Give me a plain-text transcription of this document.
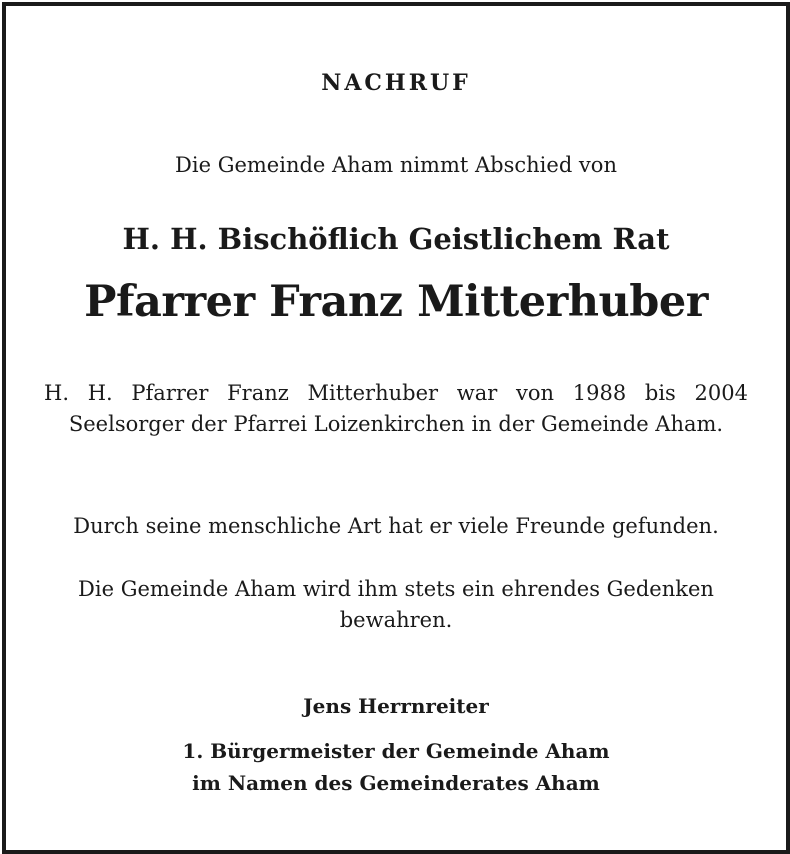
NACHRUF
Die Gemeinde Aham nimmt Abschied von
H. H. Bischöflich Geistlichem Rat
Pfarrer Franz Mitterhuber
H. H. Pfarrer Franz Mitterhuber war von 1988 bis 2004 Seelsorger der Pfarrei Loizenkirchen in der Gemeinde Aham.
Durch seine menschliche Art hat er viele Freunde gefunden.
Die Gemeinde Aham wird ihm stets ein ehrendes Gedenken bewahren.
Jens Herrnreiter
1. Bürgermeister der Gemeinde Aham
im Namen des Gemeinderates Aham
